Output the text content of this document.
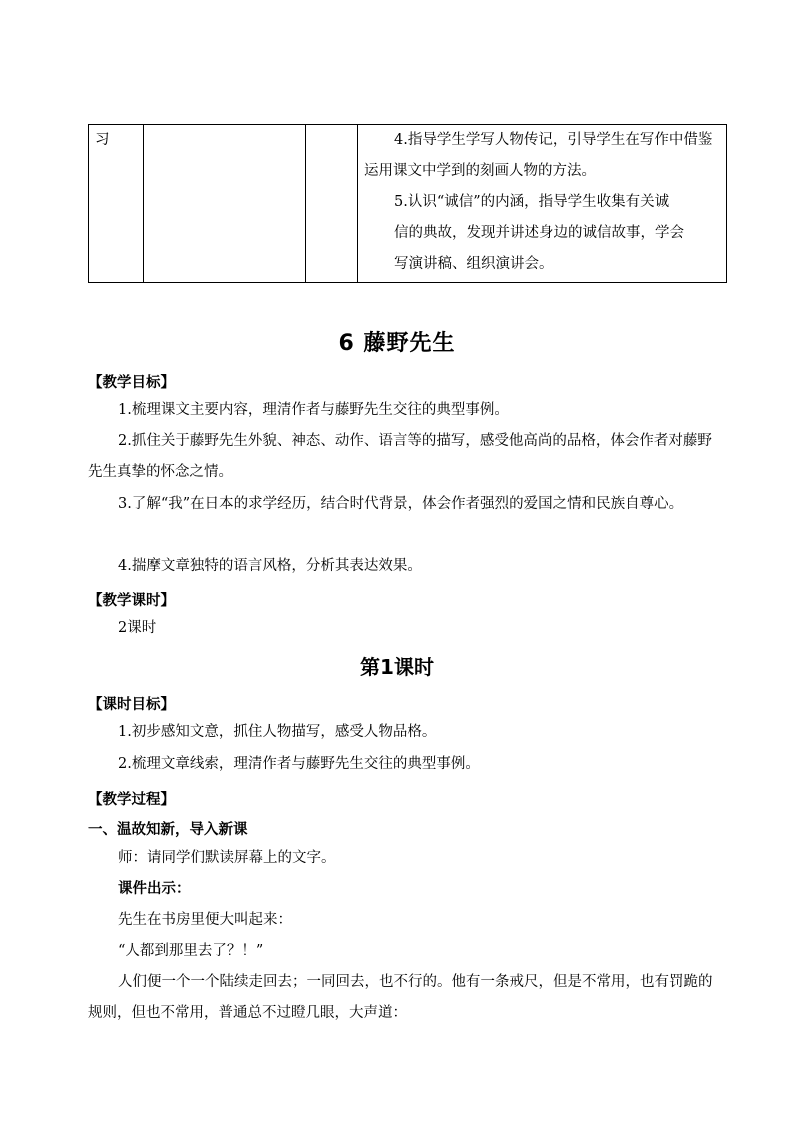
习			4.指导学生学写人物传记，引导学生在写作中借鉴运用课文中学到的刻画人物的方法。

5.认识“诚信”的内涵，指导学生收集有关诚
信的典故，发现并讲述身边的诚信故事，学会
写演讲稿、组织演讲会。

6 藤野先生
【教学目标】

1.梳理课文主要内容，理清作者与藤野先生交往的典型事例。

2.抓住关于藤野先生外貌、神态、动作、语言等的描写，感受他高尚的品格，体会作者对藤野先生真挚的怀念之情。

3.了解“我”在日本的求学经历，结合时代背景，体会作者强烈的爱国之情和民族自尊心。

4.揣摩文章独特的语言风格，分析其表达效果。

【教学课时】

2课时

第1课时
【课时目标】

1.初步感知文意，抓住人物描写，感受人物品格。

2.梳理文章线索，理清作者与藤野先生交往的典型事例。

【教学过程】
一、温故知新，导入新课

师：请同学们默读屏幕上的文字。

课件出示：

先生在书房里便大叫起来：

“人都到那里去了？！”

人们便一个一个陆续走回去；一同回去，也不行的。他有一条戒尺，但是不常用，也有罚跪的规则，但也不常用，普通总不过瞪几眼，大声道：
